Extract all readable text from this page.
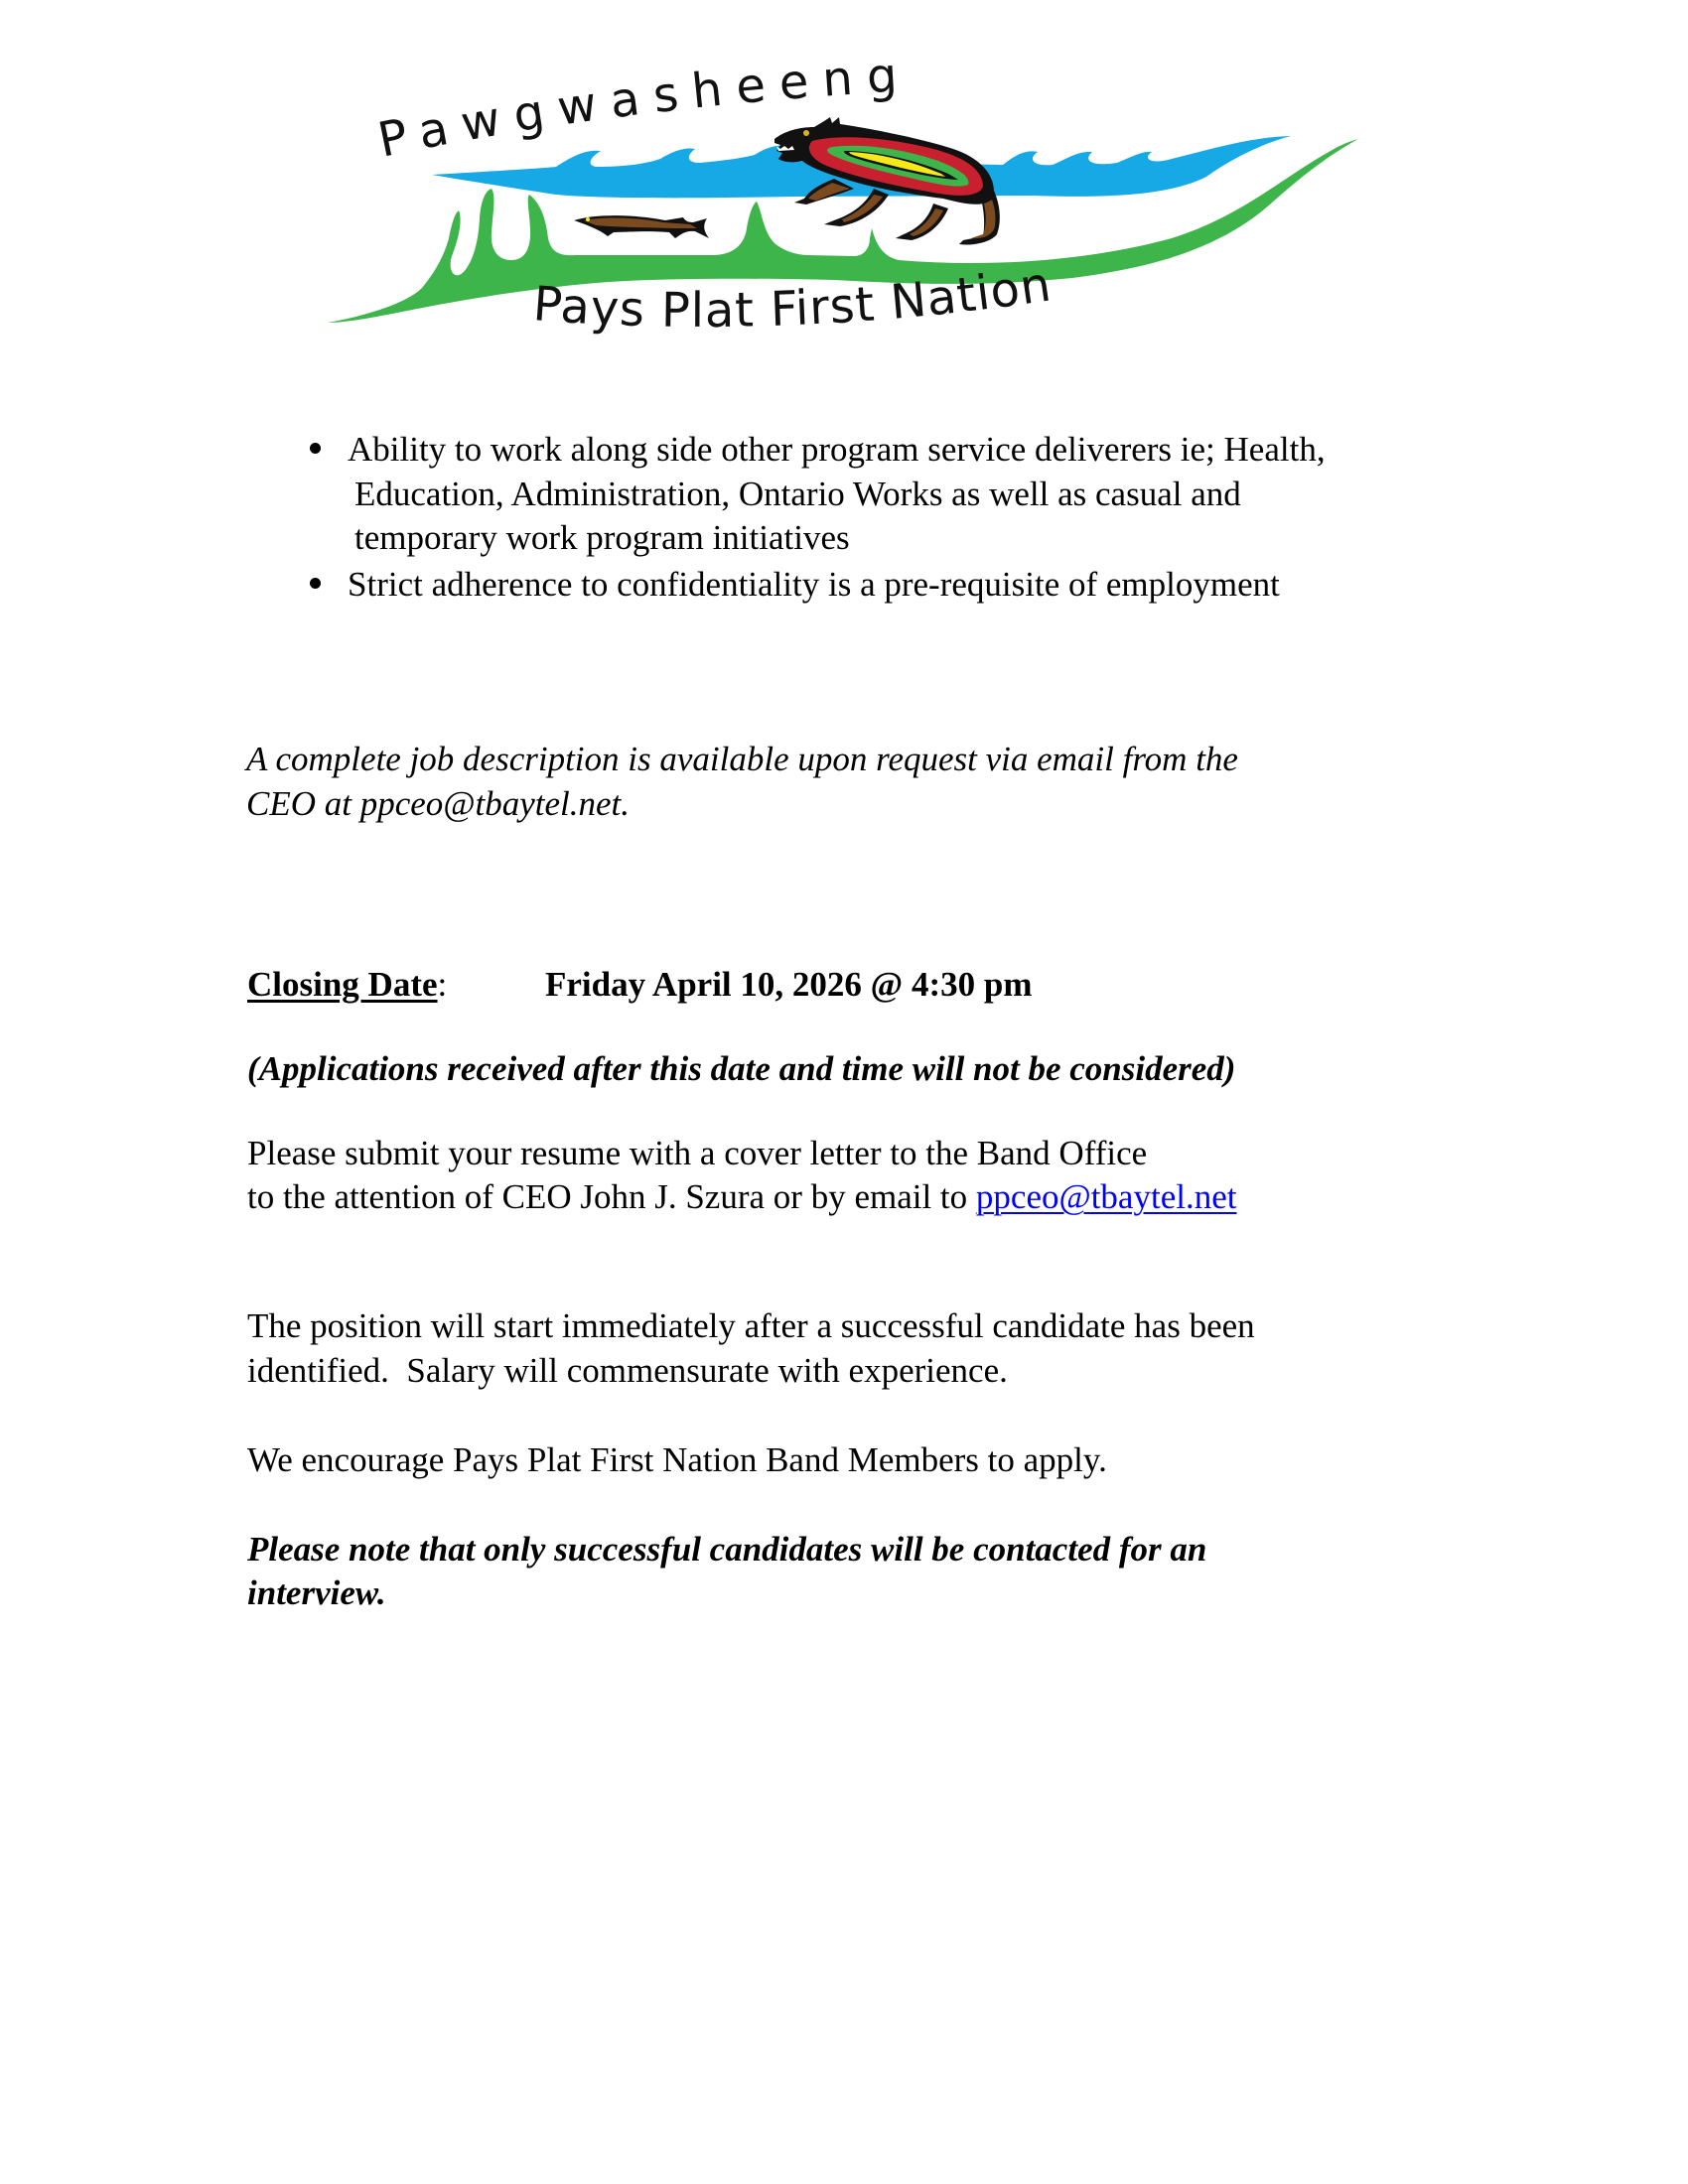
Pawgwasheeng
Pays Plat First Nation
Ability to work along side other program service deliverers ie; Health,
Education, Administration, Ontario Works as well as casual and
temporary work program initiatives
Strict adherence to confidentiality is a pre-requisite of employment
A complete job description is available upon request via email from the
CEO at ppceo@tbaytel.net.
Closing Date:	Friday April 10, 2026 @ 4:30 pm
(Applications received after this date and time will not be considered)
Please submit your resume with a cover letter to the Band Office
to the attention of CEO John J. Szura or by email to ppceo@tbaytel.net
The position will start immediately after a successful candidate has been
identified.  Salary will commensurate with experience.
We encourage Pays Plat First Nation Band Members to apply.
Please note that only successful candidates will be contacted for an
interview.
